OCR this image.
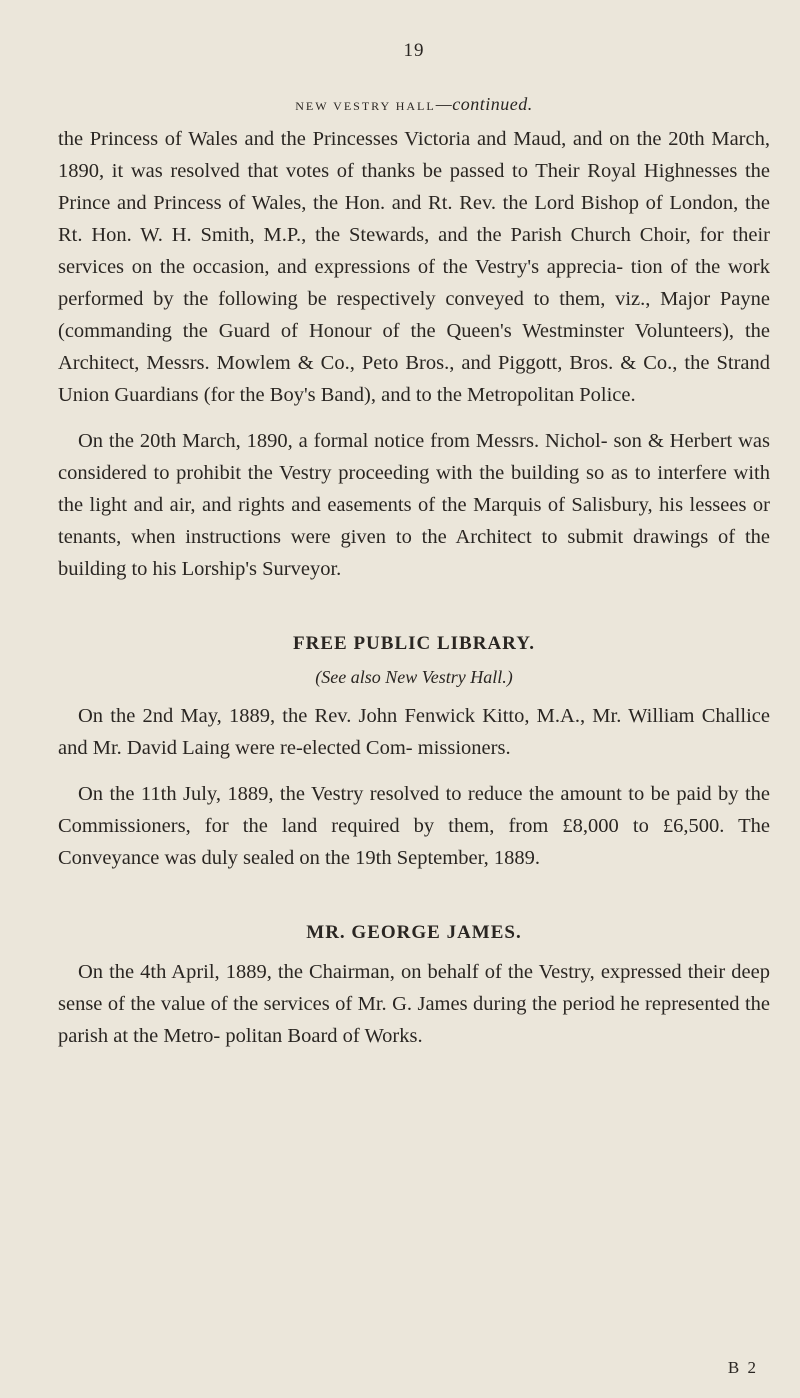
19
NEW VESTRY HALL—continued.

the Princess of Wales and the Princesses Victoria and Maud, and on the 20th March, 1890, it was resolved that votes of thanks be passed to Their Royal Highnesses the Prince and Princess of Wales, the Hon. and Rt. Rev. the Lord Bishop of London, the Rt. Hon. W. H. Smith, M.P., the Stewards, and the Parish Church Choir, for their services on the occasion, and expressions of the Vestry's apprecia- tion of the work performed by the following be respectively conveyed to them, viz., Major Payne (commanding the Guard of Honour of the Queen's Westminster Volunteers), the Architect, Messrs. Mowlem & Co., Peto Bros., and Piggott, Bros. & Co., the Strand Union Guardians (for the Boy's Band), and to the Metropolitan Police.

On the 20th March, 1890, a formal notice from Messrs. Nichol- son & Herbert was considered to prohibit the Vestry proceeding with the building so as to interfere with the light and air, and rights and easements of the Marquis of Salisbury, his lessees or tenants, when instructions were given to the Architect to submit drawings of the building to his Lorship's Surveyor.

FREE PUBLIC LIBRARY.

(See also New Vestry Hall.)

On the 2nd May, 1889, the Rev. John Fenwick Kitto, M.A., Mr. William Challice and Mr. David Laing were re-elected Com- missioners.

On the 11th July, 1889, the Vestry resolved to reduce the amount to be paid by the Commissioners, for the land required by them, from £8,000 to £6,500. The Conveyance was duly sealed on the 19th September, 1889.

MR. GEORGE JAMES.

On the 4th April, 1889, the Chairman, on behalf of the Vestry, expressed their deep sense of the value of the services of Mr. G. James during the period he represented the parish at the Metro- politan Board of Works.

B 2
